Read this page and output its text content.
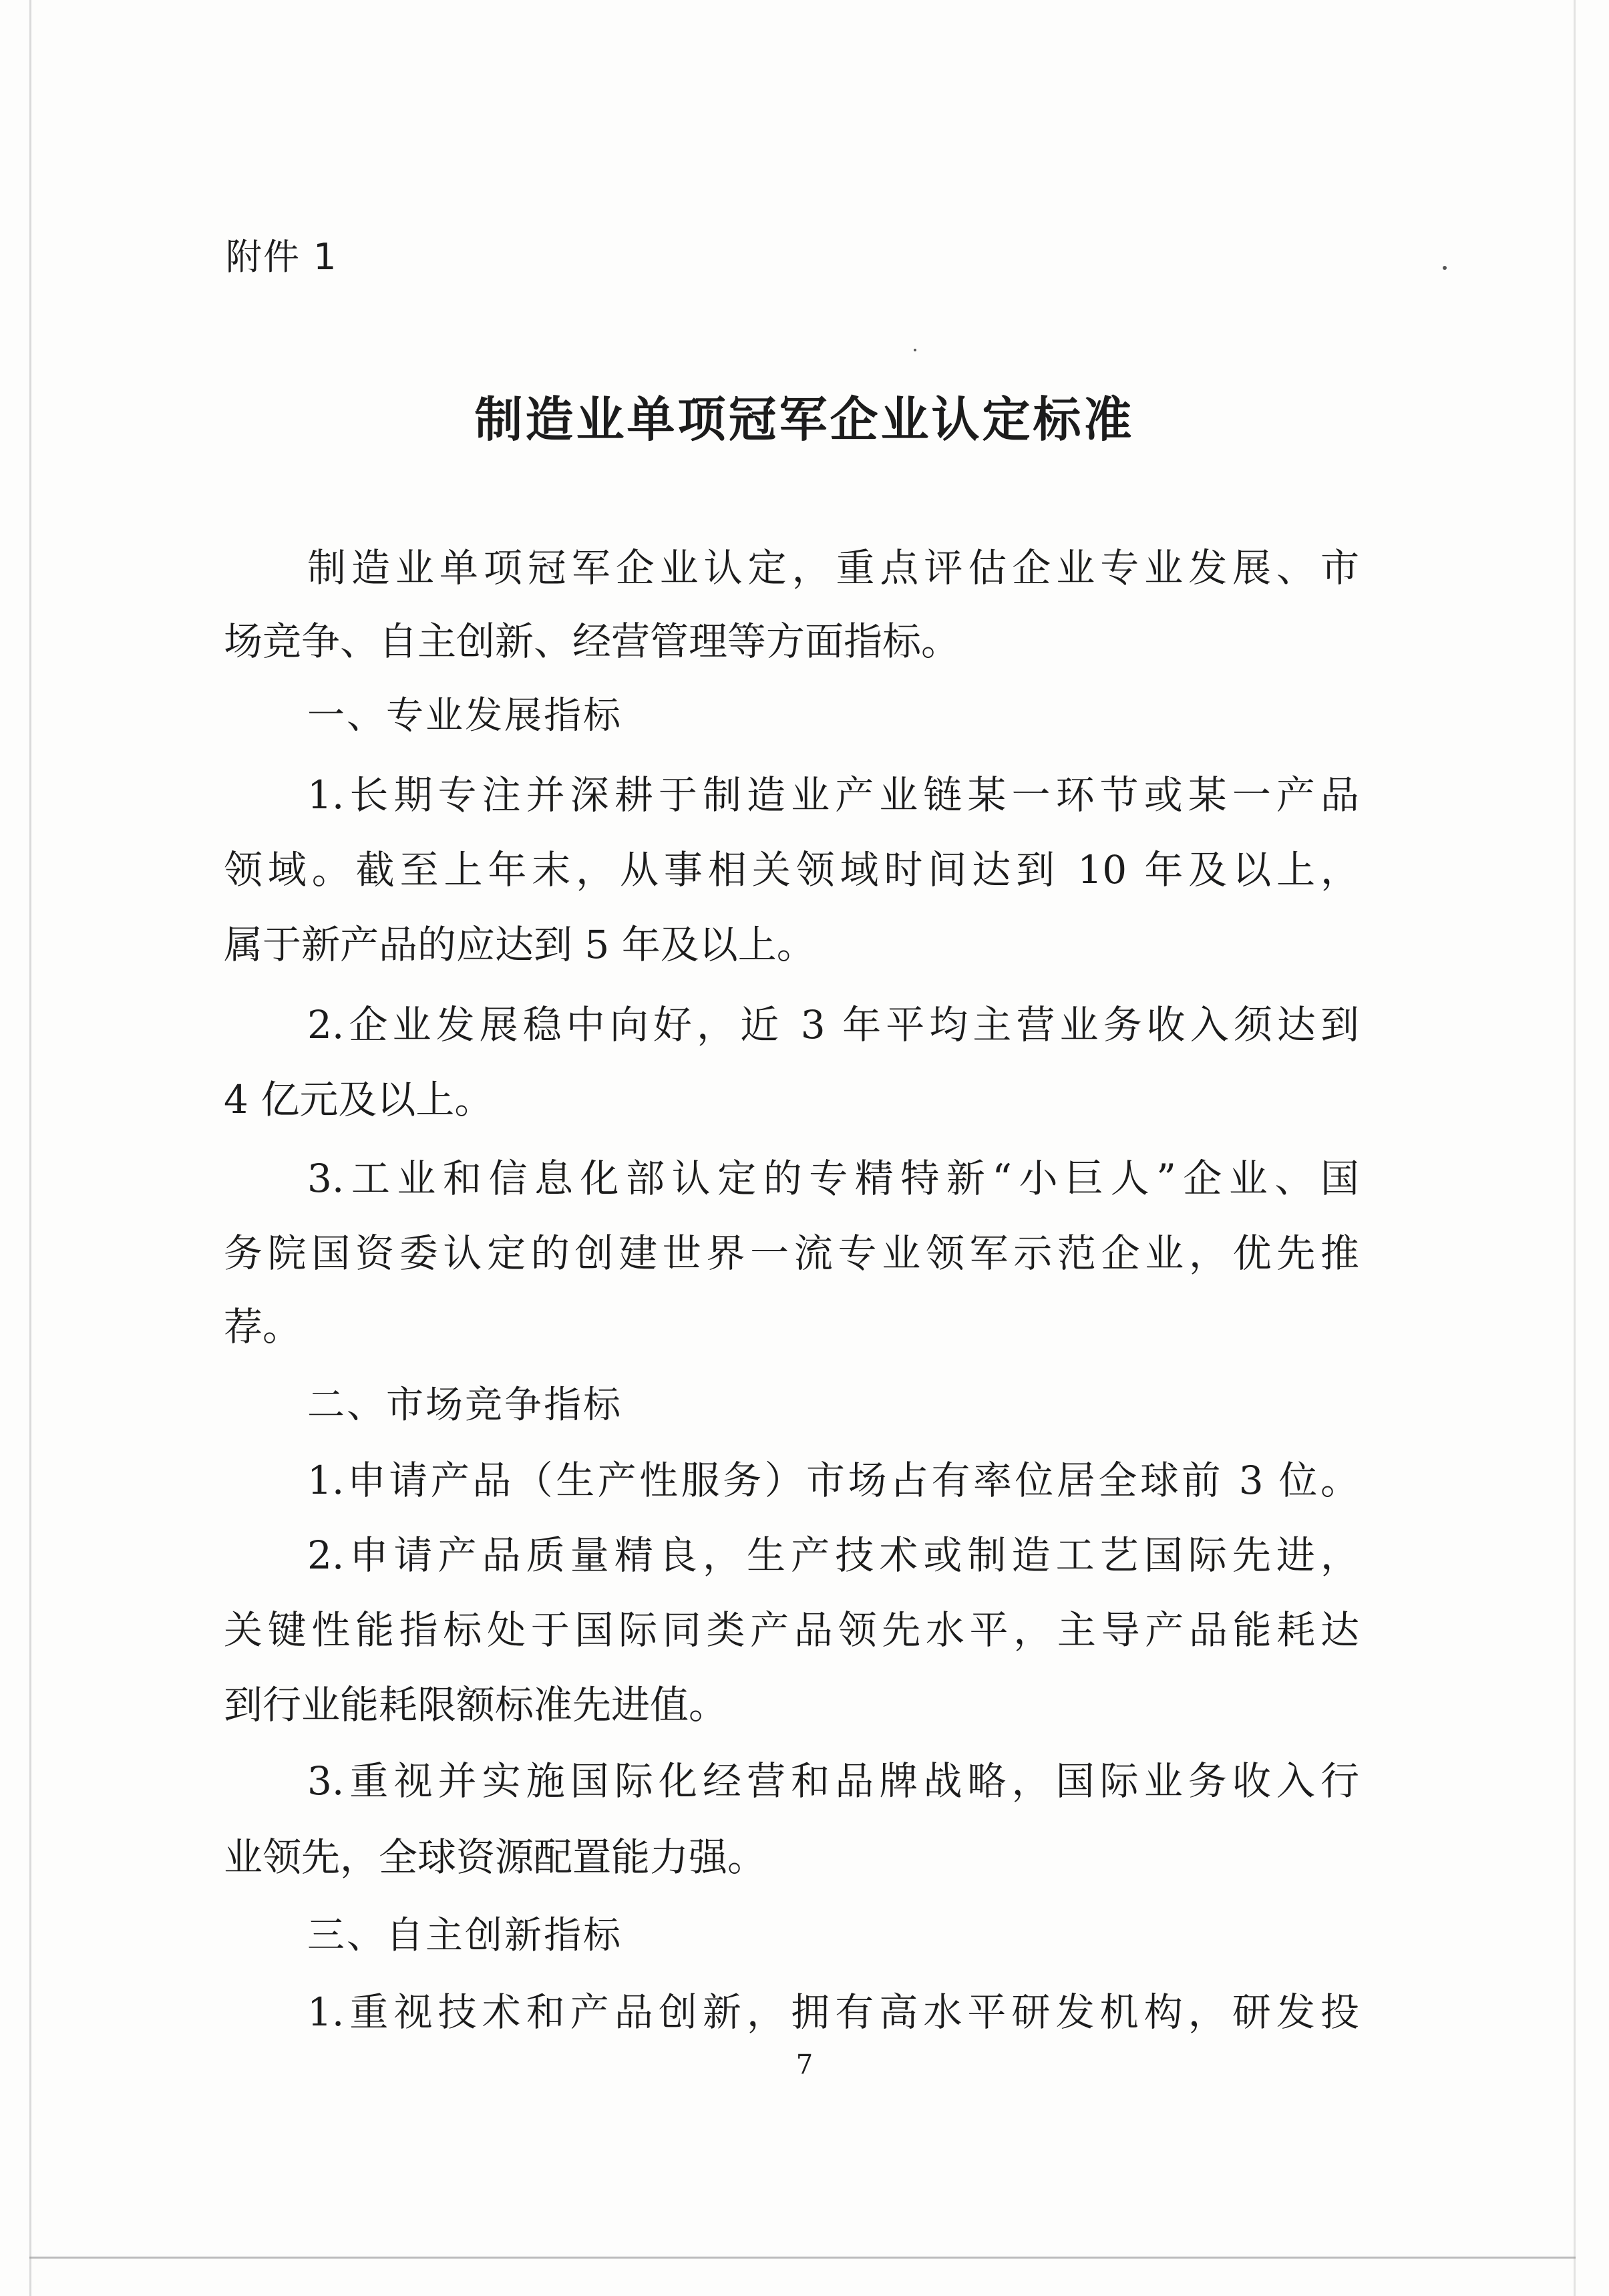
附件 1
制造业单项冠军企业认定标准
制造业单项冠军企业认定，重点评估企业专业发展、市
场竞争、自主创新、经营管理等方面指标。
一、专业发展指标
1.长期专注并深耕于制造业产业链某一环节或某一产品
领域。截至上年末，从事相关领域时间达到 10 年及以上，
属于新产品的应达到 5 年及以上。
2.企业发展稳中向好，近 3 年平均主营业务收入须达到
4 亿元及以上。
3.工业和信息化部认定的专精特新“小巨人”企业、国
务院国资委认定的创建世界一流专业领军示范企业，优先推
荐。
二、市场竞争指标
1.申请产品（生产性服务）市场占有率位居全球前 3 位。
2.申请产品质量精良，生产技术或制造工艺国际先进，
关键性能指标处于国际同类产品领先水平，主导产品能耗达
到行业能耗限额标准先进值。
3.重视并实施国际化经营和品牌战略，国际业务收入行
业领先，全球资源配置能力强。
三、自主创新指标
1.重视技术和产品创新，拥有高水平研发机构，研发投
7
